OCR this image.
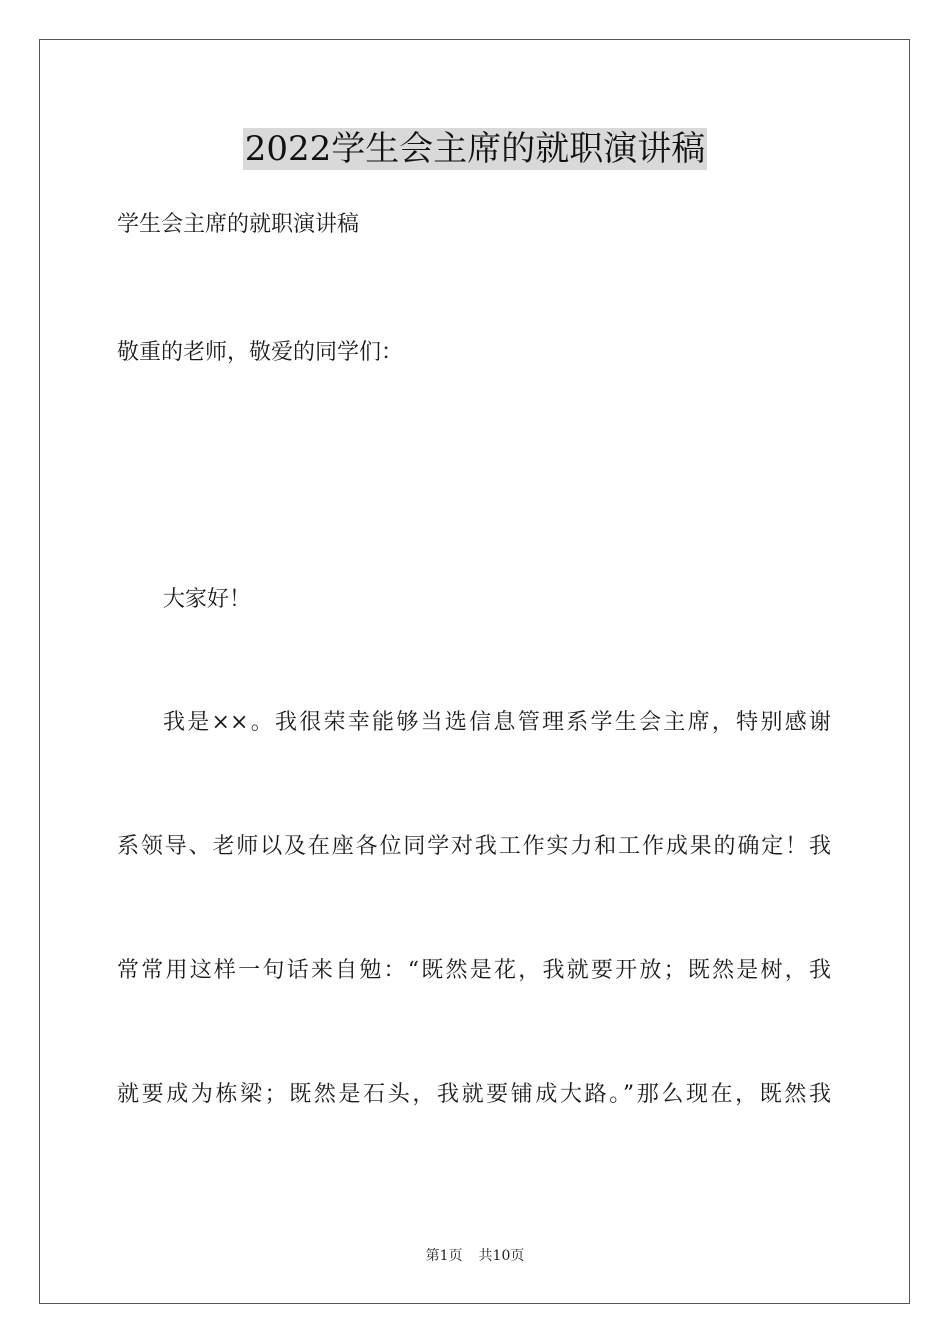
2022学生会主席的就职演讲稿
学生会主席的就职演讲稿
敬重的老师，敬爱的同学们：
大家好！
我是××。我很荣幸能够当选信息管理系学生会主席，特别感谢
系领导、老师以及在座各位同学对我工作实力和工作成果的确定！我
常常用这样一句话来自勉：“既然是花，我就要开放；既然是树，我
就要成为栋梁；既然是石头，我就要铺成大路。”那么现在，既然我
第1页 共10页
